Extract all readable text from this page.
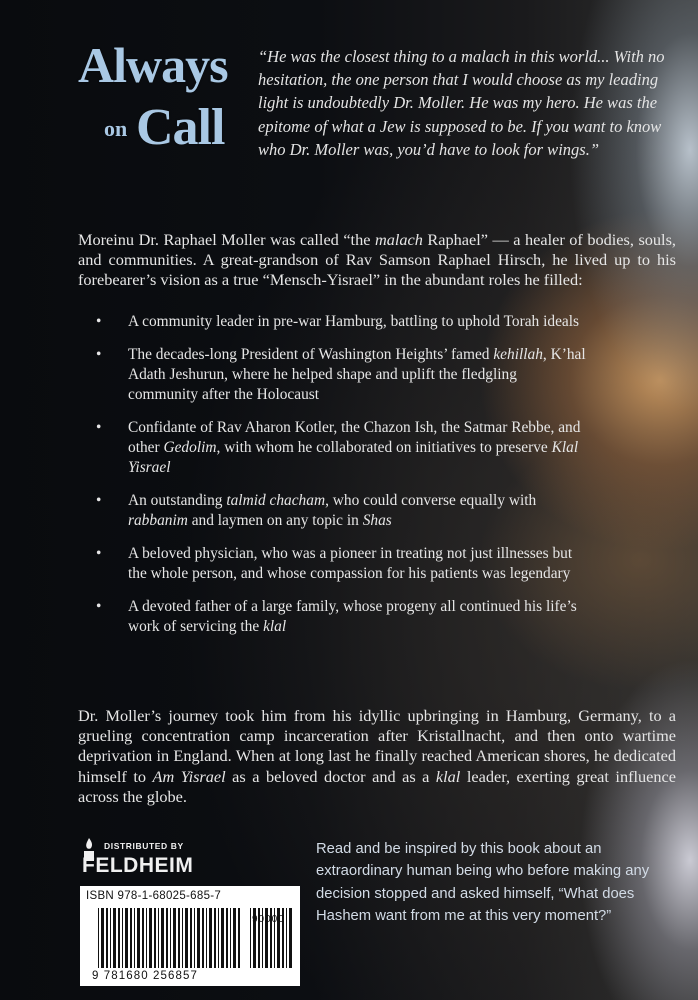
Always
on Call
“He was the closest thing to a malach in this world... With no hesitation, the one person that I would choose as my leading light is undoubtedly Dr. Moller. He was my hero. He was the epitome of what a Jew is supposed to be. If you want to know who Dr. Moller was, you’d have to look for wings.”
Moreinu Dr. Raphael Moller was called “the malach Raphael” — a healer of bodies, souls, and communities. A great-grandson of Rav Samson Raphael Hirsch, he lived up to his forebearer’s vision as a true “Mensch-Yisrael” in the abundant roles he filled:
• A community leader in pre-war Hamburg, battling to uphold Torah ideals
• The decades-long President of Washington Heights’ famed kehillah, K’hal Adath Jeshurun, where he helped shape and uplift the fledgling community after the Holocaust
• Confidante of Rav Aharon Kotler, the Chazon Ish, the Satmar Rebbe, and other Gedolim, with whom he collaborated on initiatives to preserve Klal Yisrael
• An outstanding talmid chacham, who could converse equally with rabbanim and laymen on any topic in Shas
• A beloved physician, who was a pioneer in treating not just illnesses but the whole person, and whose compassion for his patients was legendary
• A devoted father of a large family, whose progeny all continued his life’s work of servicing the klal
Dr. Moller’s journey took him from his idyllic upbringing in Hamburg, Germany, to a grueling concentration camp incarceration after Kristallnacht, and then onto wartime deprivation in England. When at long last he finally reached American shores, he dedicated himself to Am Yisrael as a beloved doctor and as a klal leader, exerting great influence across the globe.
DISTRIBUTED BY
FELDHEIM
Read and be inspired by this book about an extraordinary human being who before making any decision stopped and asked himself, “What does Hashem want from me at this very moment?”
ISBN 978-1-68025-685-7
90000
9 781680 256857
